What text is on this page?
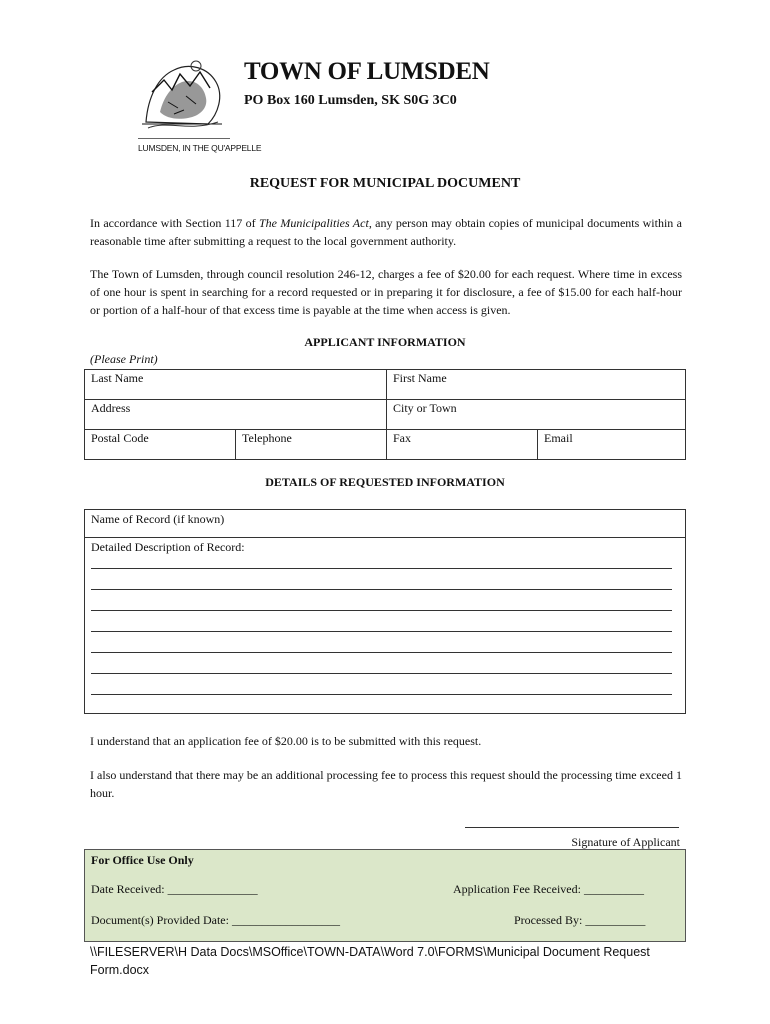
LUMSDEN, IN THE QU'APPELLE
TOWN OF LUMSDEN
PO Box 160 Lumsden, SK S0G 3C0
REQUEST FOR MUNICIPAL DOCUMENT
In accordance with Section 117 of The Municipalities Act, any person may obtain copies of municipal documents within a reasonable time after submitting a request to the local government authority.
The Town of Lumsden, through council resolution 246-12, charges a fee of $20.00 for each request. Where time in excess of one hour is spent in searching for a record requested or in preparing it for disclosure, a fee of $15.00 for each half-hour or portion of a half-hour of that excess time is payable at the time when access is given.
APPLICANT INFORMATION
(Please Print)
Last Name		First Name	
Address		City or Town	
Postal Code	Telephone	Fax	Email
DETAILS OF REQUESTED INFORMATION
Name of Record (if known)
Detailed Description of Record:
I understand that an application fee of $20.00 is to be submitted with this request.
I also understand that there may be an additional processing fee to process this request should the processing time exceed 1 hour.
Signature of Applicant
For Office Use Only
Date Received: _______________	Application Fee Received: __________
Document(s) Provided Date: __________________	Processed By: __________
\\FILESERVER\H Data Docs\MSOffice\TOWN-DATA\Word 7.0\FORMS\Municipal Document Request Form.docx
